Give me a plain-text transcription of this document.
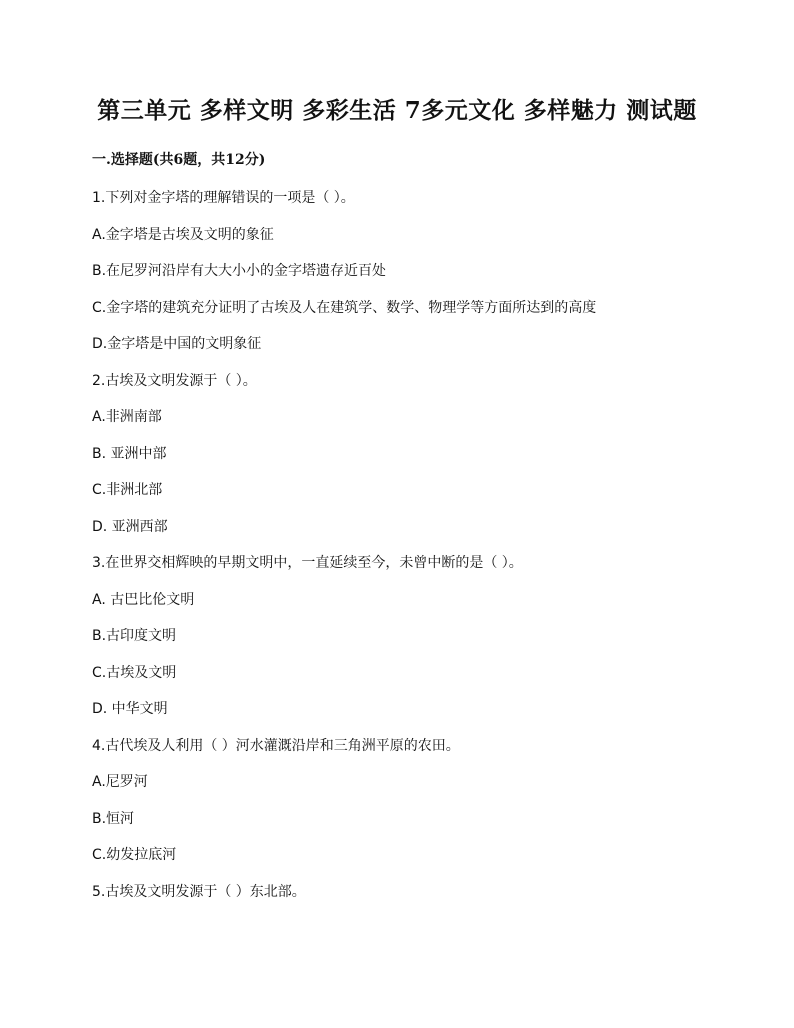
第三单元 多样文明 多彩生活 7多元文化 多样魅力 测试题
一.选择题(共6题，共12分)
1.下列对金字塔的理解错误的一项是（ ）。
A.金字塔是古埃及文明的象征
B.在尼罗河沿岸有大大小小的金字塔遗存近百处
C.金字塔的建筑充分证明了古埃及人在建筑学、数学、物理学等方面所达到的高度
D.金字塔是中国的文明象征
2.古埃及文明发源于（ ）。
A.非洲南部
B. 亚洲中部
C.非洲北部
D. 亚洲西部
3.在世界交相辉映的早期文明中，一直延续至今，未曾中断的是（ ）。
A. 古巴比伦文明
B.古印度文明
C.古埃及文明
D. 中华文明
4.古代埃及人利用（ ）河水灌溉沿岸和三角洲平原的农田。
A.尼罗河
B.恒河
C.幼发拉底河
5.古埃及文明发源于（ ）东北部。
